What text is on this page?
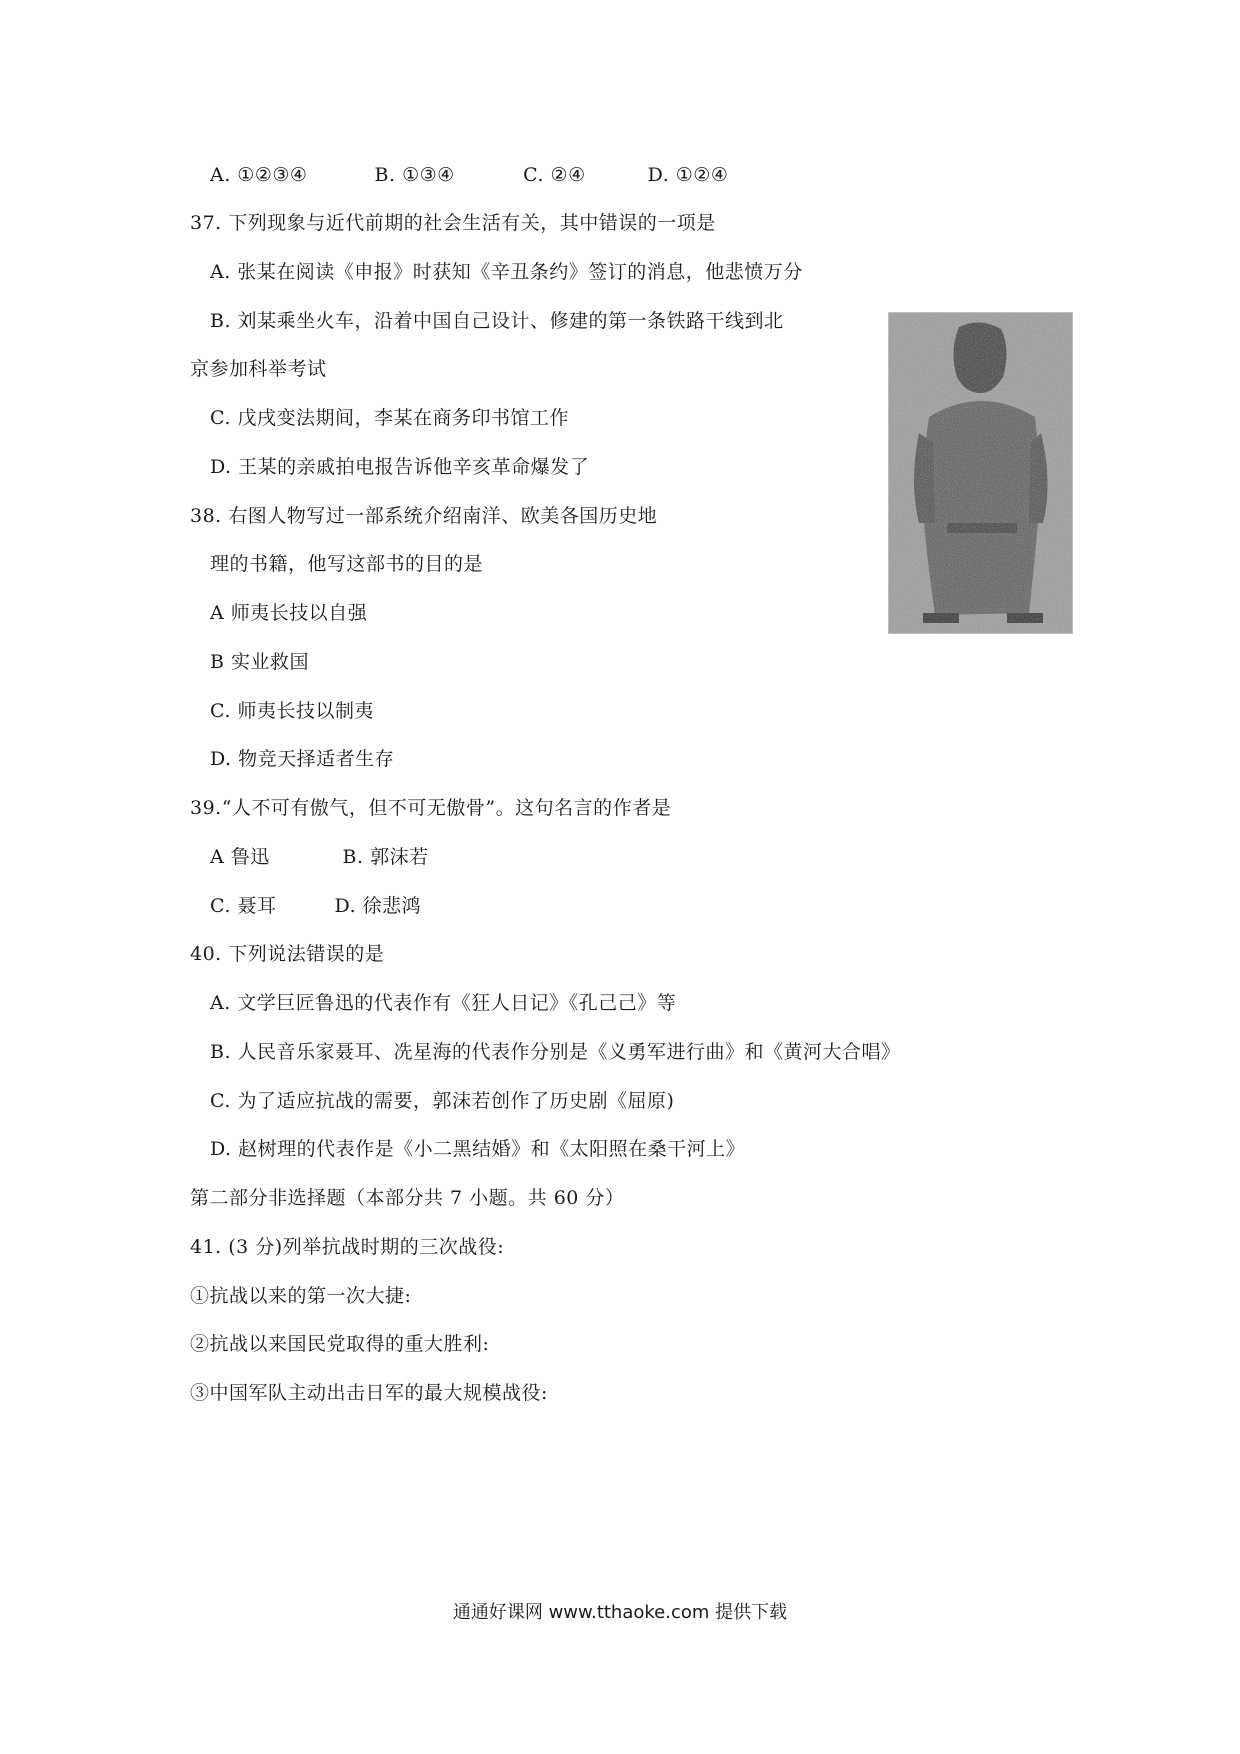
A. ①②③④	B. ①③④	C. ②④	D. ①②④
37. 下列现象与近代前期的社会生活有关，其中错误的一项是
A. 张某在阅读《申报》时获知《辛丑条约》签订的消息，他悲愤万分
B. 刘某乘坐火车，沿着中国自己设计、修建的第一条铁路干线到北
京参加科举考试
C. 戊戌变法期间，李某在商务印书馆工作
D. 王某的亲戚拍电报告诉他辛亥革命爆发了
38. 右图人物写过一部系统介绍南洋、欧美各国历史地
理的书籍，他写这部书的目的是
A 师夷长技以自强
B 实业救国
C. 师夷长技以制夷
D. 物竞天择适者生存
39.“人不可有傲气，但不可无傲骨”。这句名言的作者是
A 鲁迅	B. 郭沫若
C. 聂耳	D. 徐悲鸿
40. 下列说法错误的是
A. 文学巨匠鲁迅的代表作有《狂人日记》《孔己己》等
B. 人民音乐家聂耳、冼星海的代表作分别是《义勇军进行曲》和《黄河大合唱》
C. 为了适应抗战的需要，郭沫若创作了历史剧《屈原)
D. 赵树理的代表作是《小二黑结婚》和《太阳照在桑干河上》
第二部分非选择题（本部分共 7 小题。共 60 分）
41. (3 分)列举抗战时期的三次战役:
①抗战以来的第一次大捷:
②抗战以来国民党取得的重大胜利:
③中国军队主动出击日军的最大规模战役:
通通好课网 www.tthaoke.com 提供下载
